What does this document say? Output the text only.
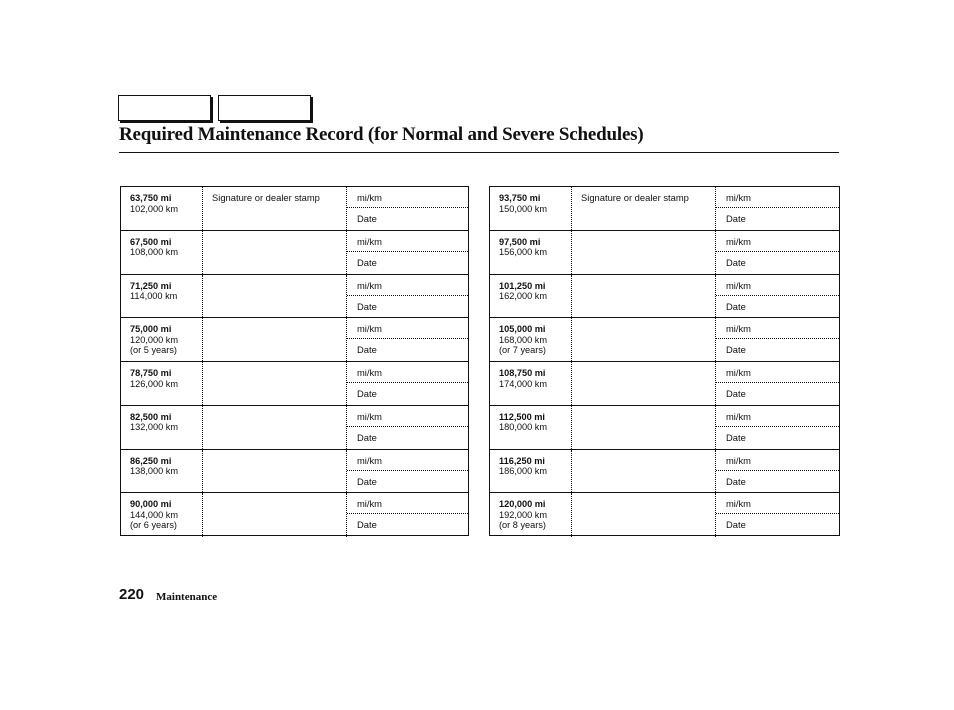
Required Maintenance Record (for Normal and Severe Schedules)
63,750 mi
102,000 km
Signature or dealer stamp	mi/km
Date
67,500 mi
108,000 km
mi/km
Date
71,250 mi
114,000 km
mi/km
Date
75,000 mi
120,000 km
(or 5 years)
mi/km
Date
78,750 mi
126,000 km
mi/km
Date
82,500 mi
132,000 km
mi/km
Date
86,250 mi
138,000 km
mi/km
Date
90,000 mi
144,000 km
(or 6 years)
mi/km
Date
93,750 mi
150,000 km
Signature or dealer stamp	mi/km
Date
97,500 mi
156,000 km
mi/km
Date
101,250 mi
162,000 km
mi/km
Date
105,000 mi
168,000 km
(or 7 years)
mi/km
Date
108,750 mi
174,000 km
mi/km
Date
112,500 mi
180,000 km
mi/km
Date
116,250 mi
186,000 km
mi/km
Date
120,000 mi
192,000 km
(or 8 years)
mi/km
Date
220 Maintenance
